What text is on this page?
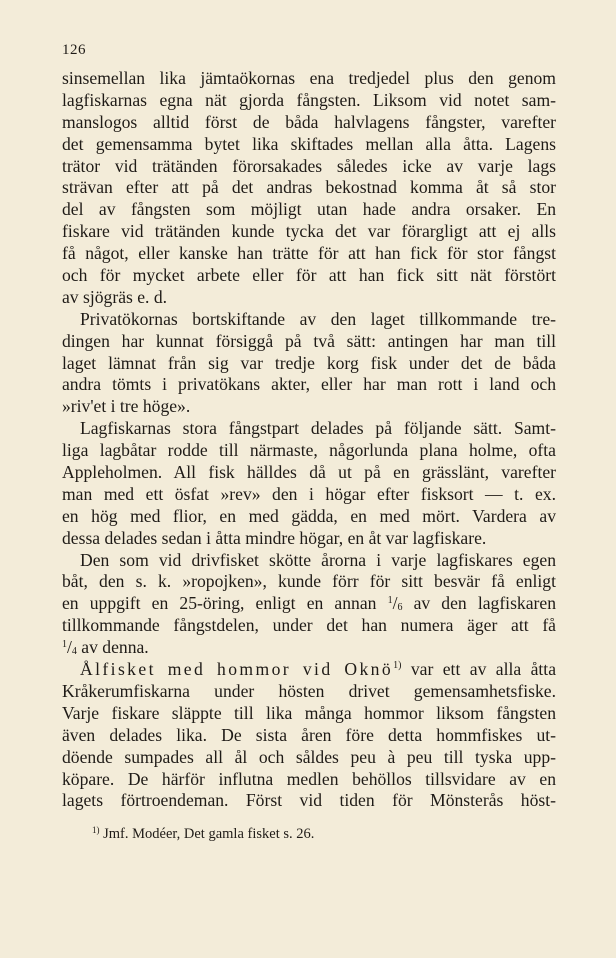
126
sinsemellan lika jämtaökornas ena tredjedel plus den genom
lagfiskarnas egna nät gjorda fångsten. Liksom vid notet sam-
manslogos alltid först de båda halvlagens fångster, varefter
det gemensamma bytet lika skiftades mellan alla åtta. Lagens
trätor vid trätänden förorsakades således icke av varje lags
strävan efter att på det andras bekostnad komma åt så stor
del av fångsten som möjligt utan hade andra orsaker. En
fiskare vid trätänden kunde tycka det var förargligt att ej alls
få något, eller kanske han trätte för att han fick för stor fångst
och för mycket arbete eller för att han fick sitt nät förstört
av sjögräs e. d.
Privatökornas bortskiftande av den laget tillkommande tre-
dingen har kunnat försiggå på två sätt: antingen har man till
laget lämnat från sig var tredje korg fisk under det de båda
andra tömts i privatökans akter, eller har man rott i land och
»riv'et i tre höge».
Lagfiskarnas stora fångstpart delades på följande sätt. Samt-
liga lagbåtar rodde till närmaste, någorlunda plana holme, ofta
Appleholmen. All fisk hälldes då ut på en grässlänt, varefter
man med ett ösfat »rev» den i högar efter fisksort — t. ex.
en hög med flior, en med gädda, en med mört. Vardera av
dessa delades sedan i åtta mindre högar, en åt var lagfiskare.
Den som vid drivfisket skötte årorna i varje lagfiskares egen
båt, den s. k. »ropojken», kunde förr för sitt besvär få enligt
en uppgift en 25-öring, enligt en annan $^1$/6 av den lagfiskaren
tillkommande fångstdelen, under det han numera äger att få
$^1$/4 av denna.
Ålfisket med hommor vid Oknö$^{1)}$ var ett av alla åtta
Kråkerumfiskarna under hösten drivet gemensamhetsfiske.
Varje fiskare släppte till lika många hommor liksom fångsten
även delades lika. De sista åren före detta hommfiskes ut-
döende sumpades all ål och såldes peu à peu till tyska upp-
köpare. De härför influtna medlen behöllos tillsvidare av en
lagets förtroendeman. Först vid tiden för Mönsterås höst-
$^{1)}$ Jmf. Modéer, Det gamla fisket s. 26.
